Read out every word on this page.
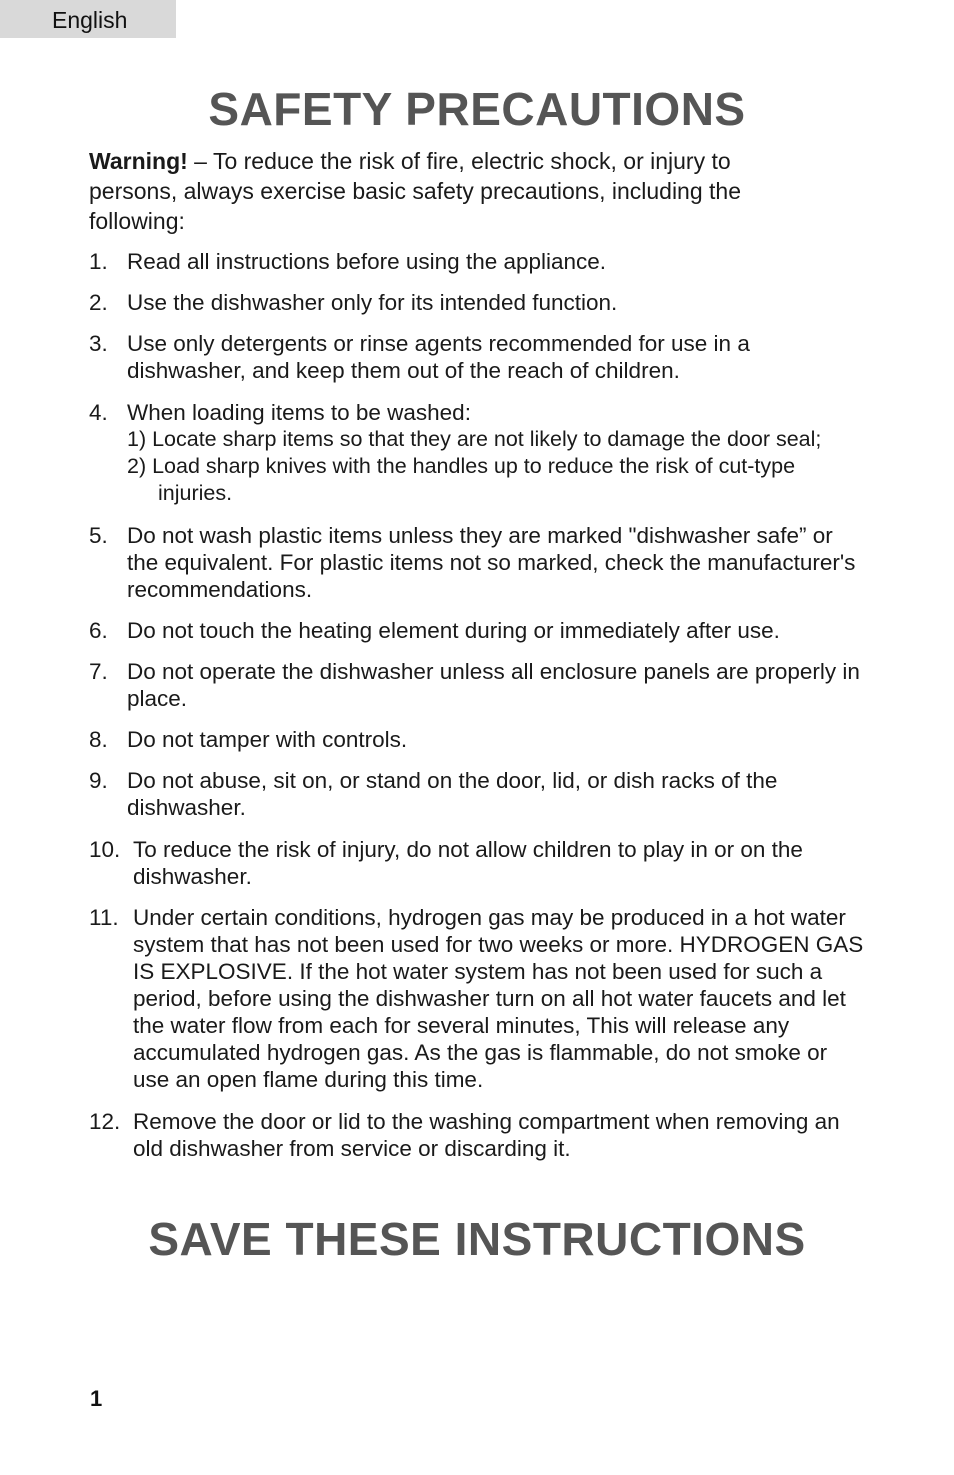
English
SAFETY PRECAUTIONS

Warning! – To reduce the risk of fire, electric shock, or injury to persons, always exercise basic safety precautions, including the following:

1. Read all instructions before using the appliance.
2. Use the dishwasher only for its intended function.
3. Use only detergents or rinse agents recommended for use in a dishwasher, and keep them out of the reach of children.
4. When loading items to be washed:
1) Locate sharp items so that they are not likely to damage the door seal;
2) Load sharp knives with the handles up to reduce the risk of cut-type injuries.
5. Do not wash plastic items unless they are marked "dishwasher safe” or the equivalent. For plastic items not so marked, check the manufacturer's recommendations.
6. Do not touch the heating element during or immediately after use.
7. Do not operate the dishwasher unless all enclosure panels are properly in place.
8. Do not tamper with controls.
9. Do not abuse, sit on, or stand on the door, lid, or dish racks of the dishwasher.
10. To reduce the risk of injury, do not allow children to play in or on the dishwasher.
11. Under certain conditions, hydrogen gas may be produced in a hot water system that has not been used for two weeks or more. HYDROGEN GAS IS EXPLOSIVE. If the hot water system has not been used for such a period, before using the dishwasher turn on all hot water faucets and let the water flow from each for several minutes, This will release any accumulated hydrogen gas. As the gas is flammable, do not smoke or use an open flame during this time.
12. Remove the door or lid to the washing compartment when removing an old dishwasher from service or discarding it.
SAVE THESE INSTRUCTIONS
1
